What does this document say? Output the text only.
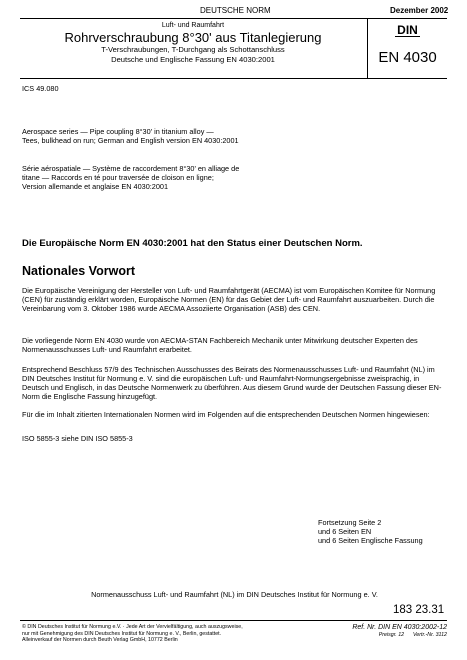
DEUTSCHE NORM	Dezember 2002
Luft- und Raumfahrt
Rohrverschraubung 8°30' aus Titanlegierung
T-Verschraubungen, T-Durchgang als Schottanschluss
Deutsche und Englische Fassung EN 4030:2001
DIN
EN 4030
ICS 49.080
Aerospace series — Pipe coupling 8°30' in titanium alloy —
Tees, bulkhead on run; German and English version EN 4030:2001
Série aérospatiale — Système de raccordement 8°30' en alliage de
titane — Raccords en té pour traversée de cloison en ligne;
Version allemande et anglaise EN 4030:2001
Die Europäische Norm EN 4030:2001 hat den Status einer Deutschen Norm.
Nationales Vorwort
Die Europäische Vereinigung der Hersteller von Luft- und Raumfahrtgerät (AECMA) ist vom Europäischen Komitee für Normung (CEN) für zuständig erklärt worden, Europäische Normen (EN) für das Gebiet der Luft- und Raumfahrt auszuarbeiten. Durch die Vereinbarung vom 3. Oktober 1986 wurde AECMA Assoziierte Organisation (ASB) des CEN.
Die vorliegende Norm EN 4030 wurde von AECMA-STAN Fachbereich Mechanik unter Mitwirkung deutscher Experten des Normenausschusses Luft- und Raumfahrt erarbeitet.
Entsprechend Beschluss 57/9 des Technischen Ausschusses des Beirats des Normenausschusses Luft- und Raumfahrt (NL) im DIN Deutsches Institut für Normung e. V. sind die europäischen Luft- und Raumfahrt-Normungsergebnisse zweisprachig, in Deutsch und Englisch, in das Deutsche Normenwerk zu überführen. Aus diesem Grund wurde der Deutschen Fassung dieser EN-Norm die Englische Fassung hinzugefügt.
Für die im Inhalt zitierten Internationalen Normen wird im Folgenden auf die entsprechenden Deutschen Normen hingewiesen:
ISO 5855-3 siehe DIN ISO 5855-3
Fortsetzung Seite 2
und 6 Seiten EN
und 6 Seiten Englische Fassung
Normenausschuss Luft- und Raumfahrt (NL) im DIN Deutsches Institut für Normung e. V.
183 23.31
© DIN Deutsches Institut für Normung e.V. · Jede Art der Vervielfältigung, auch auszugsweise,
nur mit Genehmigung des DIN Deutsches Institut für Normung e. V., Berlin, gestattet.
Alleinverkauf der Normen durch Beuth Verlag GmbH, 10772 Berlin
Ref. Nr. DIN EN 4030:2002-12
Preisgr. 12 Vertr.-Nr. 3112
